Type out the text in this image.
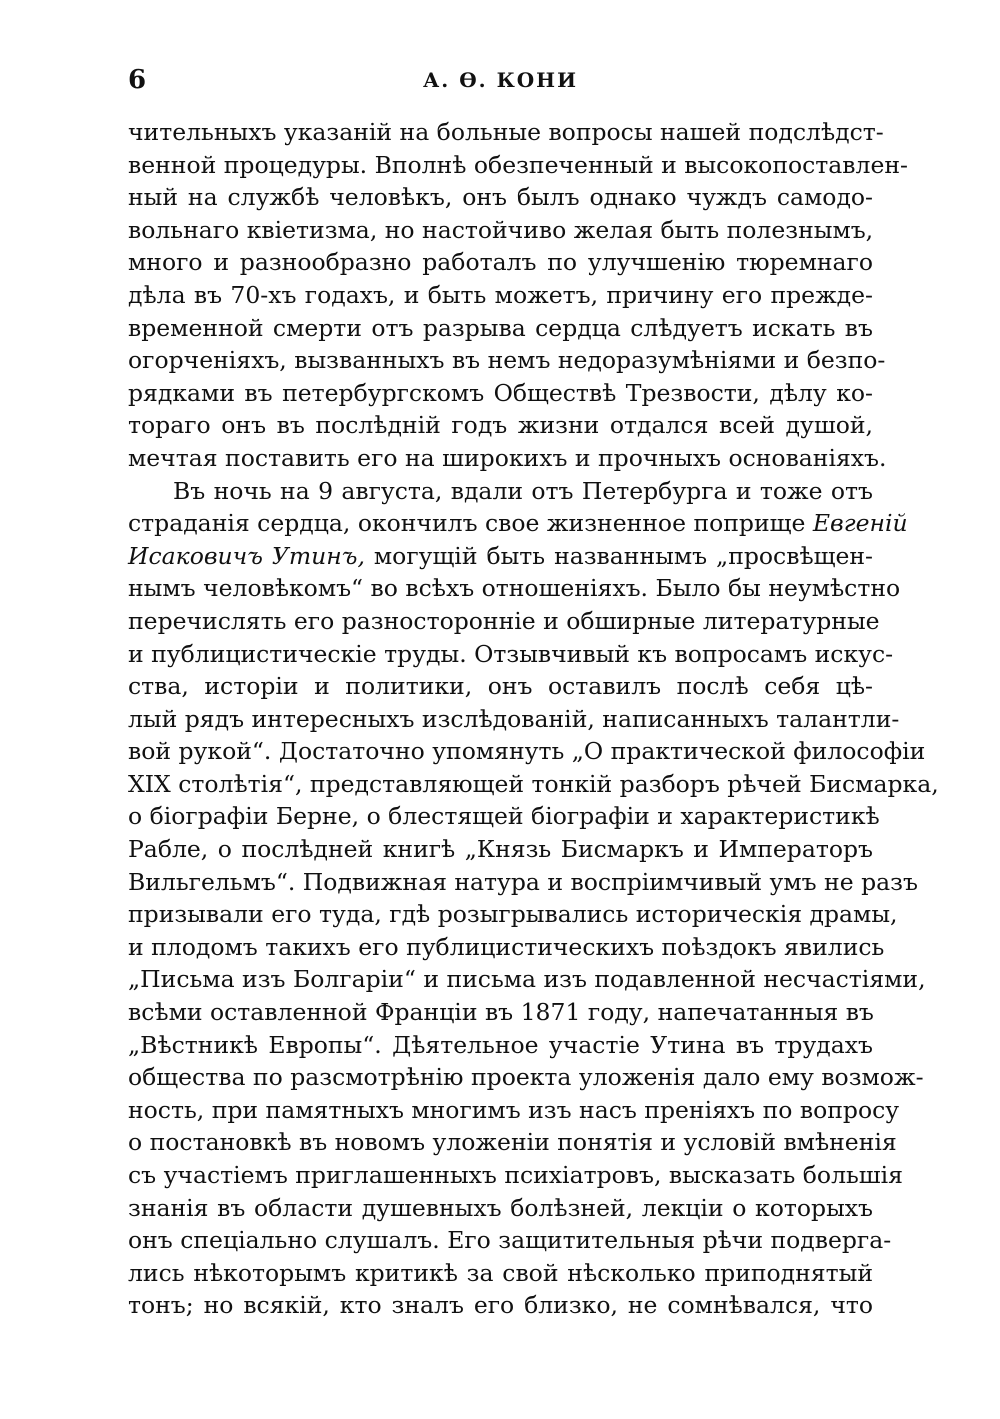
6	А. Ѳ. КОНИ
чительныхъ указаній на больные вопросы нашей подслѣдст-
венной процедуры. Вполнѣ обезпеченный и высокопоставлен-
ный на службѣ человѣкъ, онъ былъ однако чуждъ самодо-
вольнаго квіетизма, но настойчиво желая быть полезнымъ,
много и разнообразно работалъ по улучшенію тюремнаго
дѣла въ 70-хъ годахъ, и быть можетъ, причину его прежде-
временной смерти отъ разрыва сердца слѣдуетъ искать въ
огорченіяхъ, вызванныхъ въ немъ недоразумѣніями и безпо-
рядками въ петербургскомъ Обществѣ Трезвости, дѣлу ко-
тораго онъ въ послѣдній годъ жизни отдался всей душой,
мечтая поставить его на широкихъ и прочныхъ основаніяхъ.
Въ ночь на 9 августа, вдали отъ Петербурга и тоже отъ
страданія сердца, окончилъ свое жизненное поприще Евгеній
Исаковичъ Утинъ, могущій быть названнымъ „просвѣщен-
нымъ человѣкомъ“ во всѣхъ отношеніяхъ. Было бы неумѣстно
перечислять его разносторонніе и обширные литературные
и публицистическіе труды. Отзывчивый къ вопросамъ искус-
ства, исторіи и политики, онъ оставилъ послѣ себя цѣ-
лый рядъ интересныхъ изслѣдованій, написанныхъ талантли-
вой рукой“. Достаточно упомянуть „О практической философіи
XIX столѣтія“, представляющей тонкій разборъ рѣчей Бисмарка,
о біографіи Берне, о блестящей біографіи и характеристикѣ
Рабле, о послѣдней книгѣ „Князь Бисмаркъ и Императоръ
Вильгельмъ“. Подвижная натура и воспріимчивый умъ не разъ
призывали его туда, гдѣ розыгрывались историческія драмы,
и плодомъ такихъ его публицистическихъ поѣздокъ явились
„Письма изъ Болгаріи“ и письма изъ подавленной несчастіями,
всѣми оставленной Франціи въ 1871 году, напечатанныя въ
„Вѣстникѣ Европы“. Дѣятельное участіе Утина въ трудахъ
общества по разсмотрѣнію проекта уложенія дало ему возмож-
ность, при памятныхъ многимъ изъ насъ преніяхъ по вопросу
о постановкѣ въ новомъ уложеніи понятія и условій вмѣненія
съ участіемъ приглашенныхъ психіатровъ, высказать большія
знанія въ области душевныхъ болѣзней, лекціи о которыхъ
онъ спеціально слушалъ. Его защитительныя рѣчи подверга-
лись нѣкоторымъ критикѣ за свой нѣсколько приподнятый
тонъ; но всякій, кто зналъ его близко, не сомнѣвался, что
